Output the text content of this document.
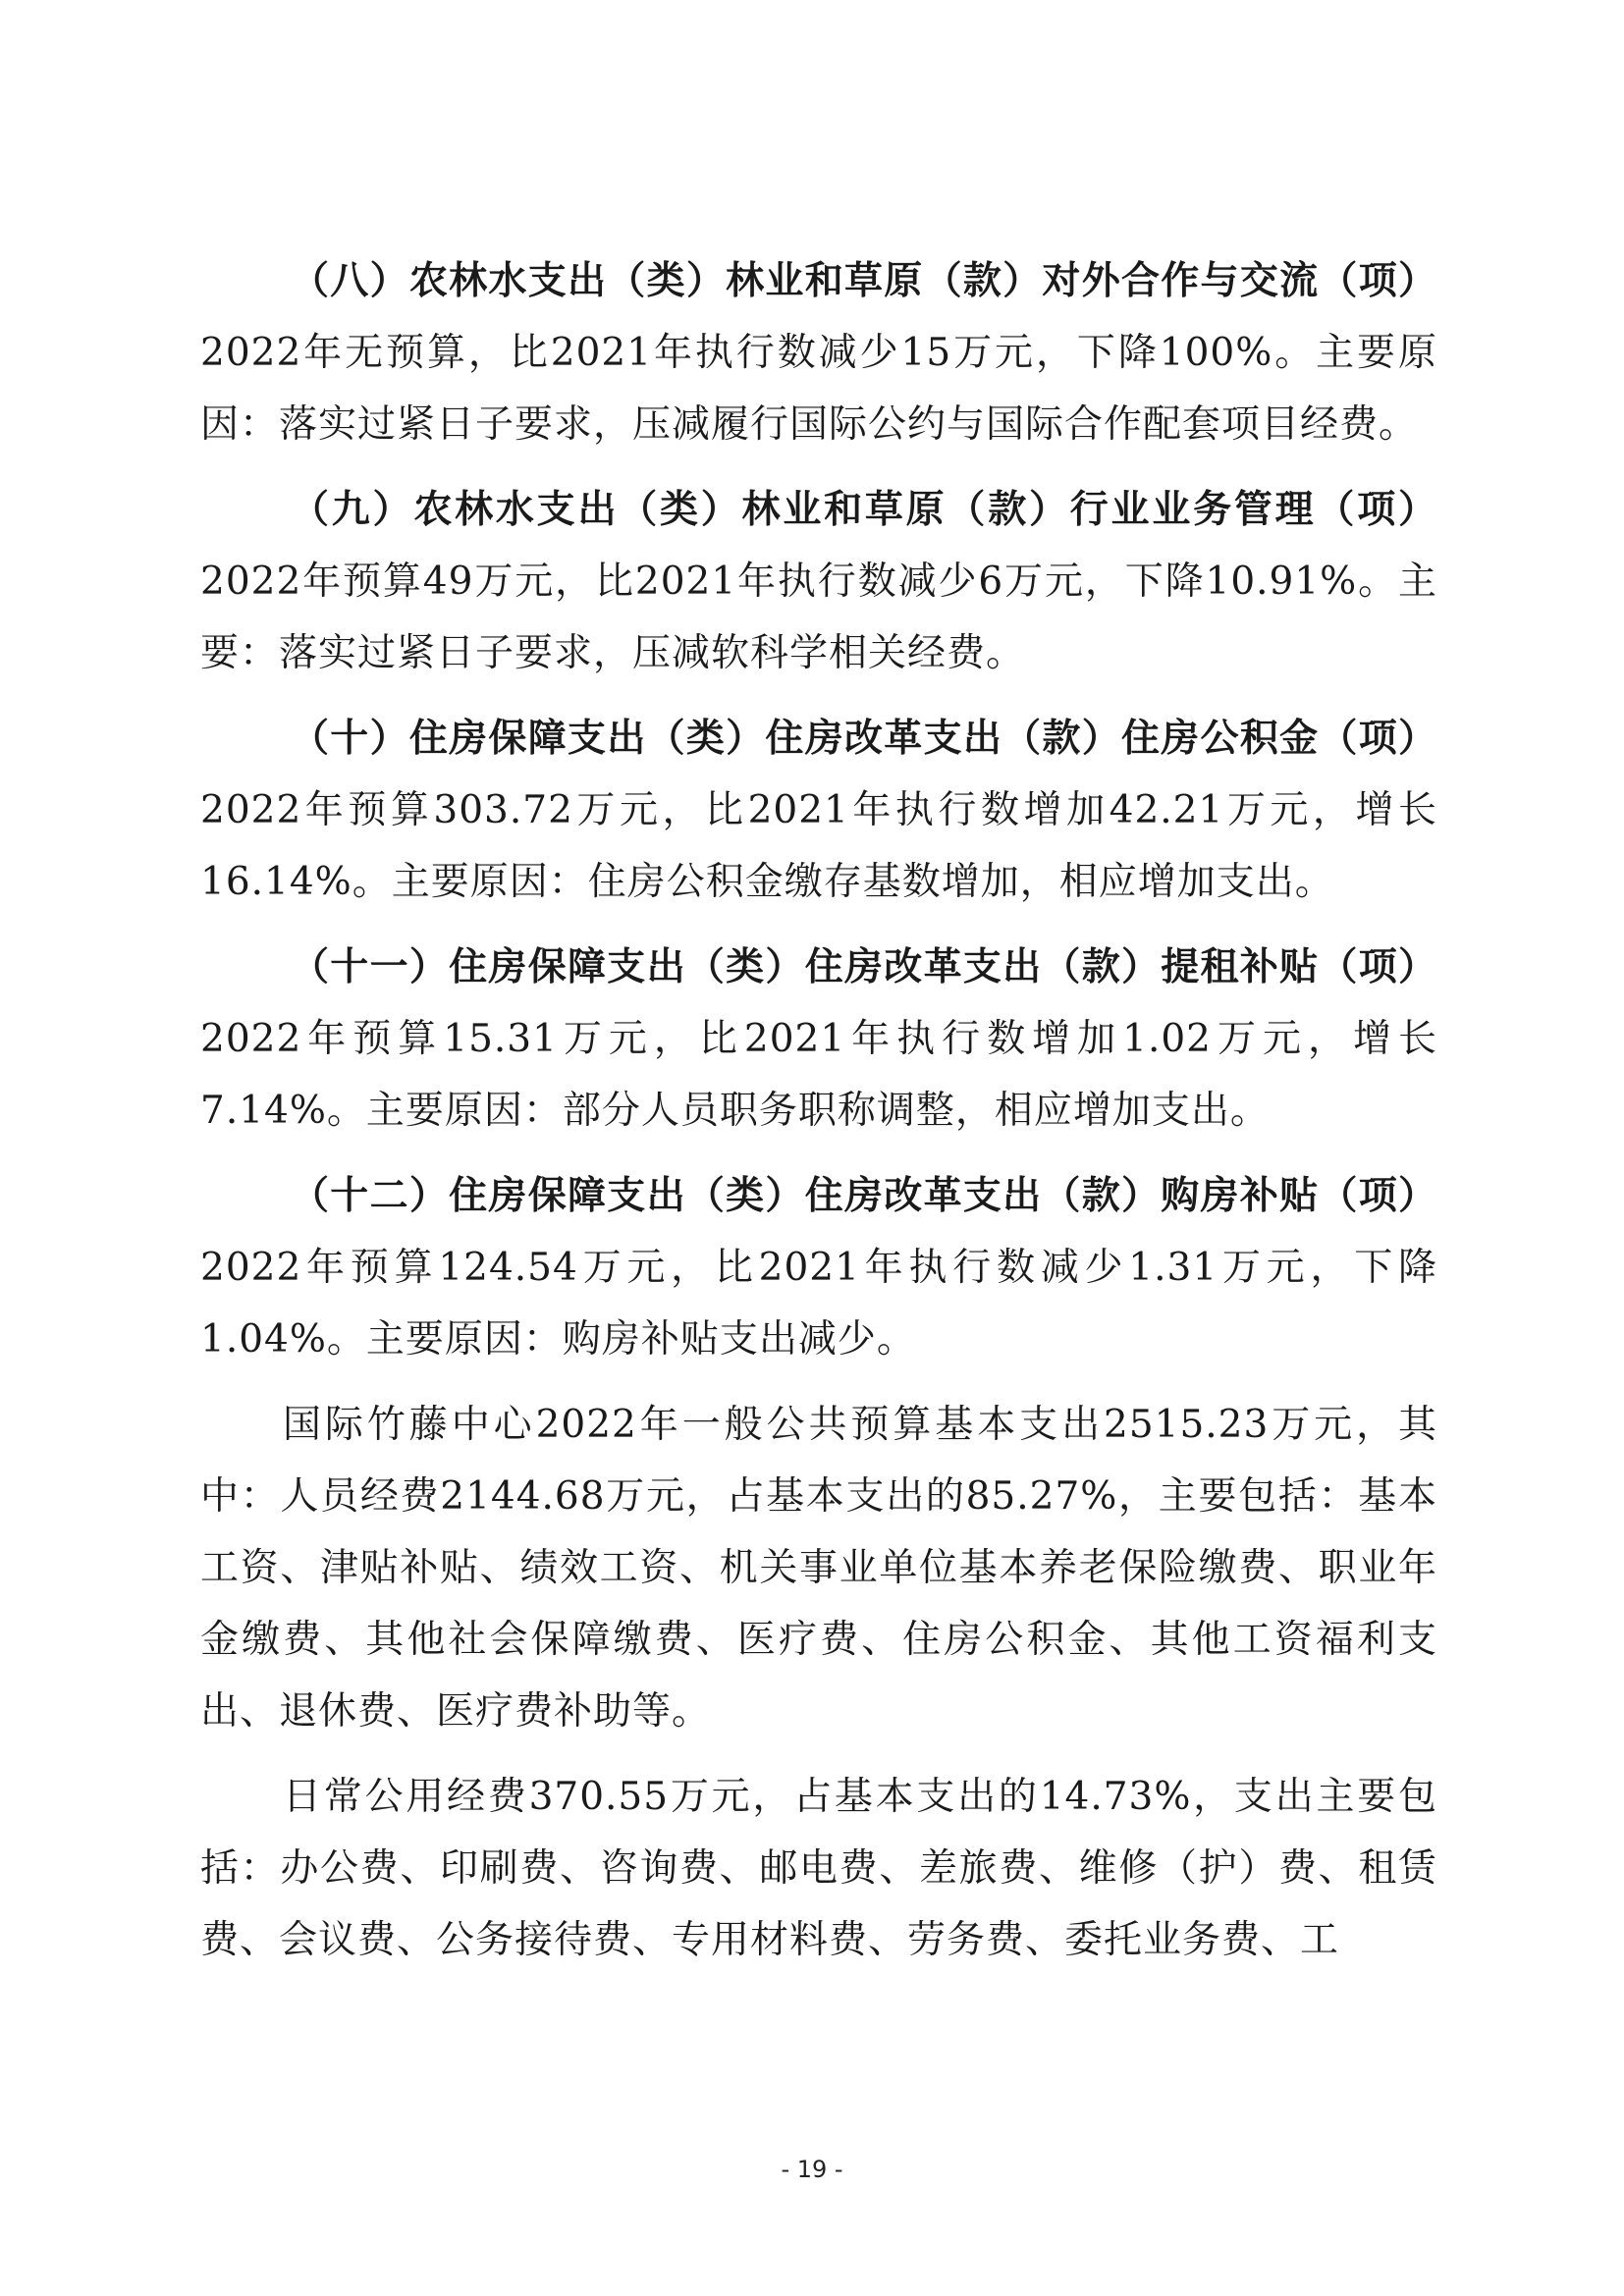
（八）农林水支出（类）林业和草原（款）对外合作与交流（项）2022年无预算，比2021年执行数减少15万元，下降100%。主要原因：落实过紧日子要求，压减履行国际公约与国际合作配套项目经费。

（九）农林水支出（类）林业和草原（款）行业业务管理（项）2022年预算49万元，比2021年执行数减少6万元，下降10.91%。主要：落实过紧日子要求，压减软科学相关经费。

（十）住房保障支出（类）住房改革支出（款）住房公积金（项）2022年预算303.72万元，比2021年执行数增加42.21万元，增长16.14%。主要原因：住房公积金缴存基数增加，相应增加支出。

（十一）住房保障支出（类）住房改革支出（款）提租补贴（项）2022年预算15.31万元，比2021年执行数增加1.02万元，增长7.14%。主要原因：部分人员职务职称调整，相应增加支出。

（十二）住房保障支出（类）住房改革支出（款）购房补贴（项）2022年预算124.54万元，比2021年执行数减少1.31万元，下降1.04%。主要原因：购房补贴支出减少。

国际竹藤中心2022年一般公共预算基本支出2515.23万元，其中：人员经费2144.68万元，占基本支出的85.27%，主要包括：基本工资、津贴补贴、绩效工资、机关事业单位基本养老保险缴费、职业年金缴费、其他社会保障缴费、医疗费、住房公积金、其他工资福利支出、退休费、医疗费补助等。

日常公用经费370.55万元，占基本支出的14.73%，支出主要包括：办公费、印刷费、咨询费、邮电费、差旅费、维修（护）费、租赁费、会议费、公务接待费、专用材料费、劳务费、委托业务费、工

- 19 -
